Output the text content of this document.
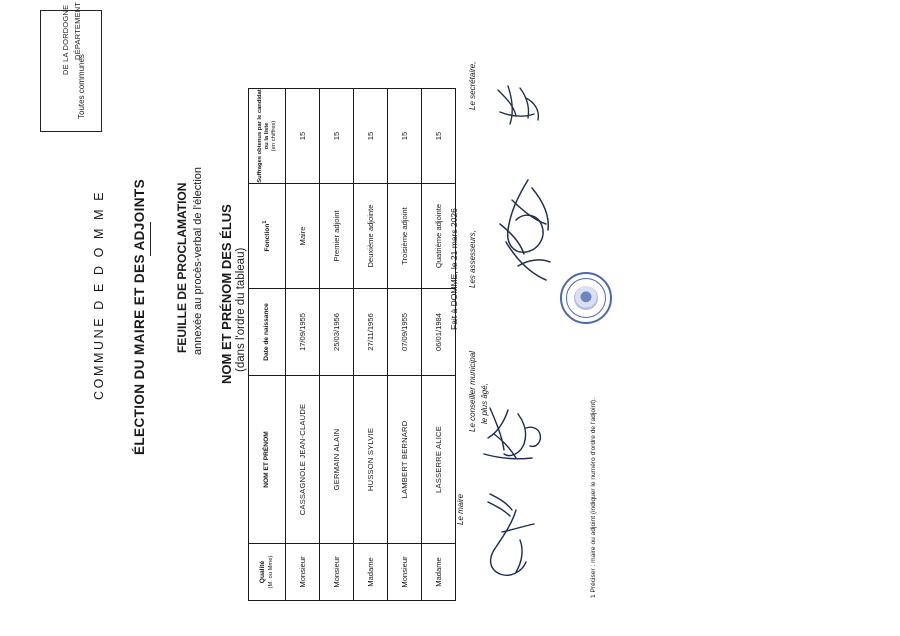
DÉPARTEMENT
DE LA DORDOGNE
Toutes communes
COMMUNE D E D O M M E ÉLECTION DU MAIRE ET DES ADJOINTS FEUILLE DE PROCLAMATION annexée au procès-verbal de l'élection NOM ET PRÉNOM DES ÉLUS (dans l'ordre du tableau)
Qualité (M. ou Mme)	NOM ET PRÉNOM	Date de naissance	Fonction$^1$	Suffrages obtenus par le candidat ou la liste (en chiffres)

Monsieur	CASSAGNOLE JEAN-CLAUDE	17/09/1955	Maire	15
Monsieur	GERMAIN ALAIN	25/03/1956	Premier adjoint	15
Madame	HUSSON SYLVIE	27/11/1956	Deuxième adjointe	15
Monsieur	LAMBERT BERNARD	07/09/1955	Troisième adjoint	15
Madame	LASSERRE ALICE	06/01/1984	Quatrième adjointe	15
Fait à DOMME, le 21 mars 2026
Le maire
Le conseiller municipal le plus âgé,
Les assesseurs,
Le secrétaire,
1 Préciser : maire ou adjoint (indiquer le numéro d'ordre de l'adjoint).
